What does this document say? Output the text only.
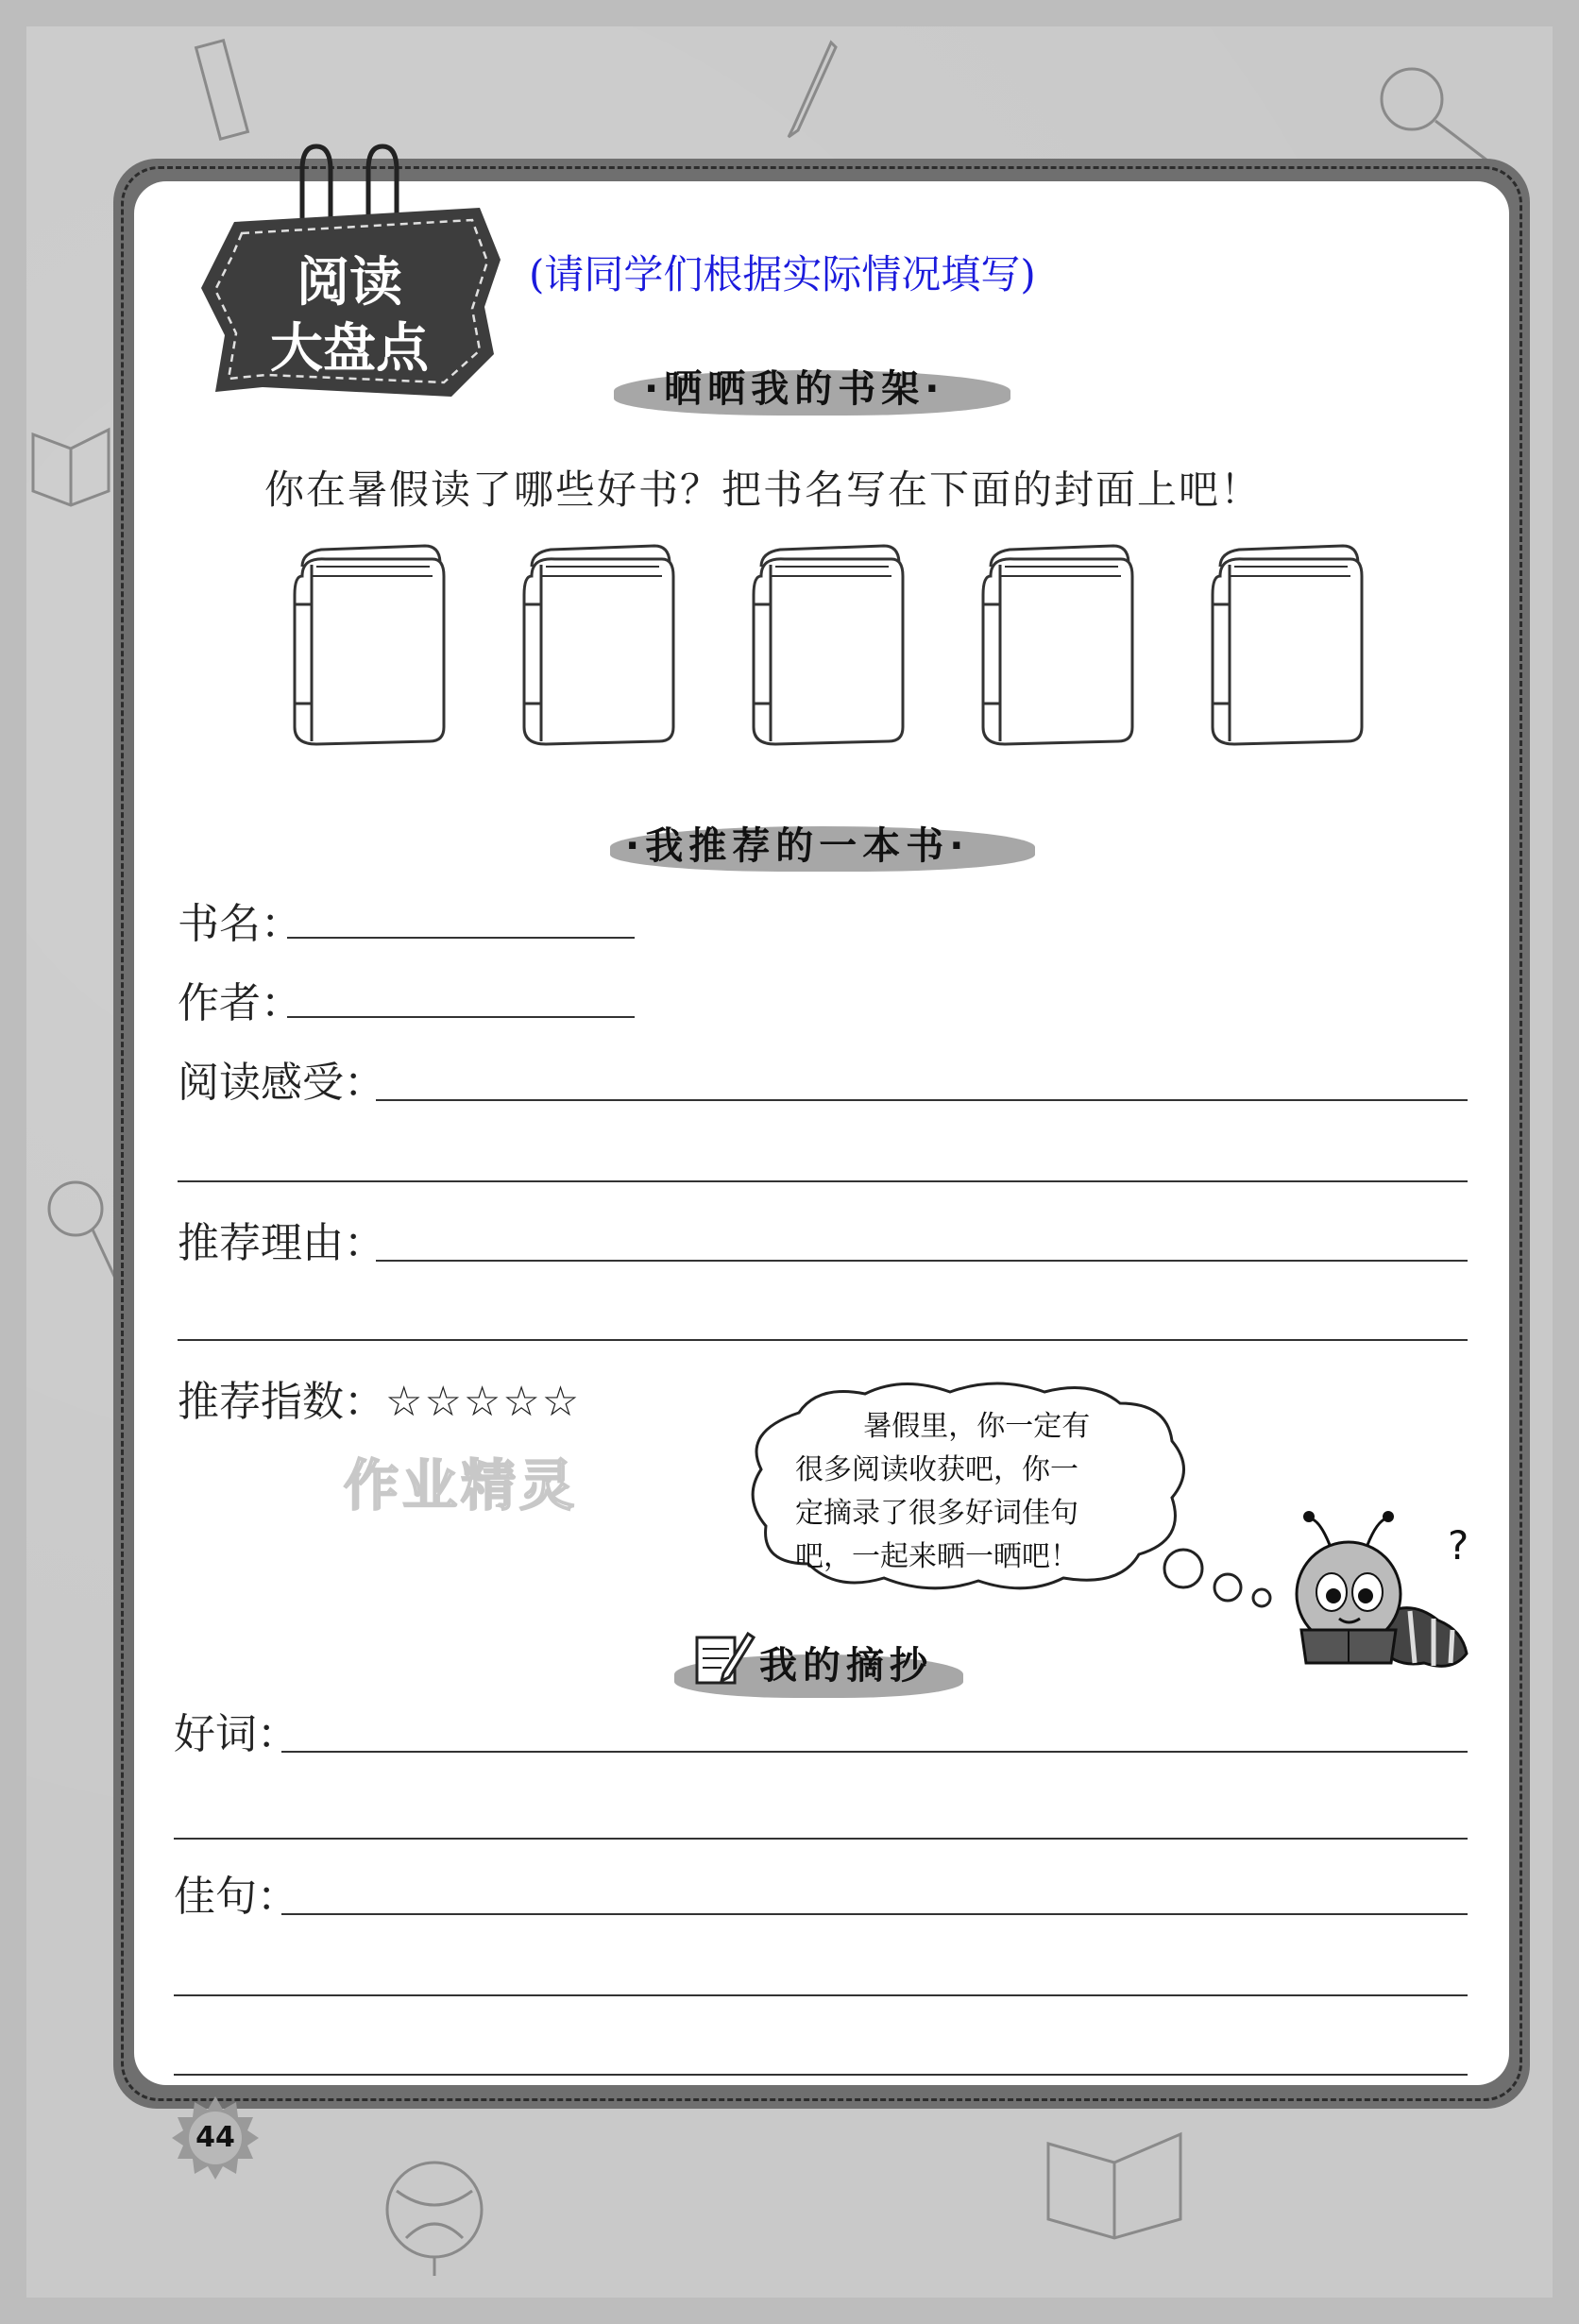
阅读
大盘点
(请同学们根据实际情况填写)
·晒晒我的书架·
你在暑假读了哪些好书？把书名写在下面的封面上吧！
·我推荐的一本书·
书名：
作者：
阅读感受：
推荐理由：
推荐指数：☆☆☆☆☆
作业精灵
暑假里，你一定有
很多阅读收获吧，你一
定摘录了很多好词佳句
吧，一起来晒一晒吧！	?
我的摘抄
好词：
佳句：
44
